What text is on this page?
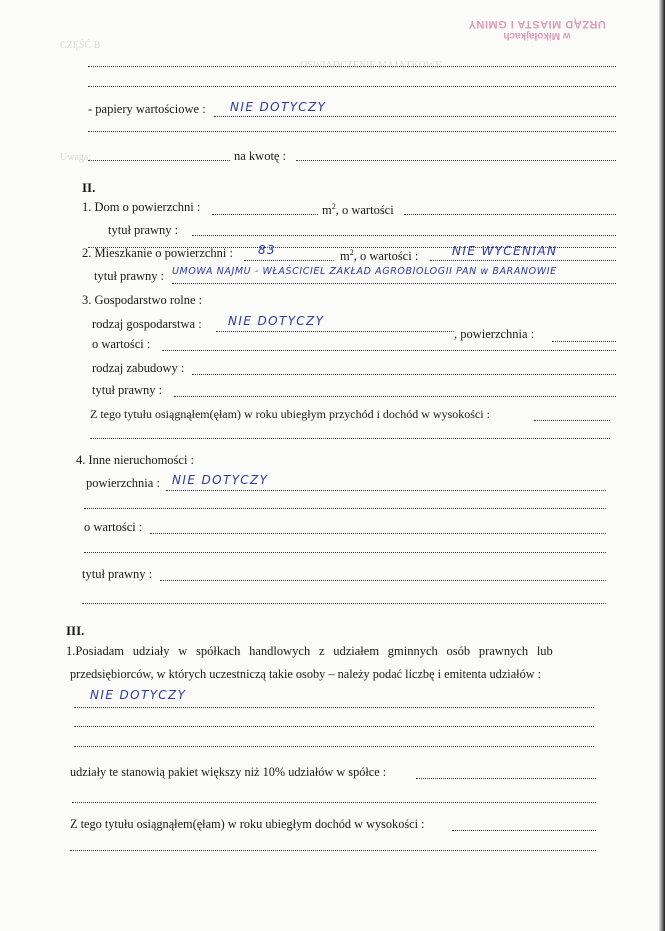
CZĘŚĆ B
OŚWIADCZENIE MAJĄTKOWE
Uwaga:
URZĄD MIASTA I GMINY
w Mikołajkach
- papiery wartościowe : NIE DOTYCZY
na kwotę :
II.
1. Dom o powierzchni :	$m^2$, o wartości
tytuł prawny :
2. Mieszkanie o powierzchni : 83	$m^2$, o wartości :	NIE WYCENIAN
tytuł prawny : UMOWA NAJMU - WŁAŚCICIEL ZAKŁAD AGROBIOLOGII PAN w BARANOWIE
3. Gospodarstwo rolne :
rodzaj gospodarstwa : NIE DOTYCZY
, powierzchnia :
o wartości :
rodzaj zabudowy :
tytuł prawny :
Z tego tytułu osiągnąłem(ęłam) w roku ubiegłym przychód i dochód w wysokości :
4. Inne nieruchomości :
powierzchnia : NIE DOTYCZY
o wartości :
tytuł prawny :
III.
1.Posiadam udziały w spółkach handlowych z udziałem gminnych osób prawnych lub
przedsiębiorców, w których uczestniczą takie osoby – należy podać liczbę i emitenta udziałów :
NIE DOTYCZY
udziały te stanowią pakiet większy niż 10% udziałów w spółce :
Z tego tytułu osiągnąłem(ęłam) w roku ubiegłym dochód w wysokości :
